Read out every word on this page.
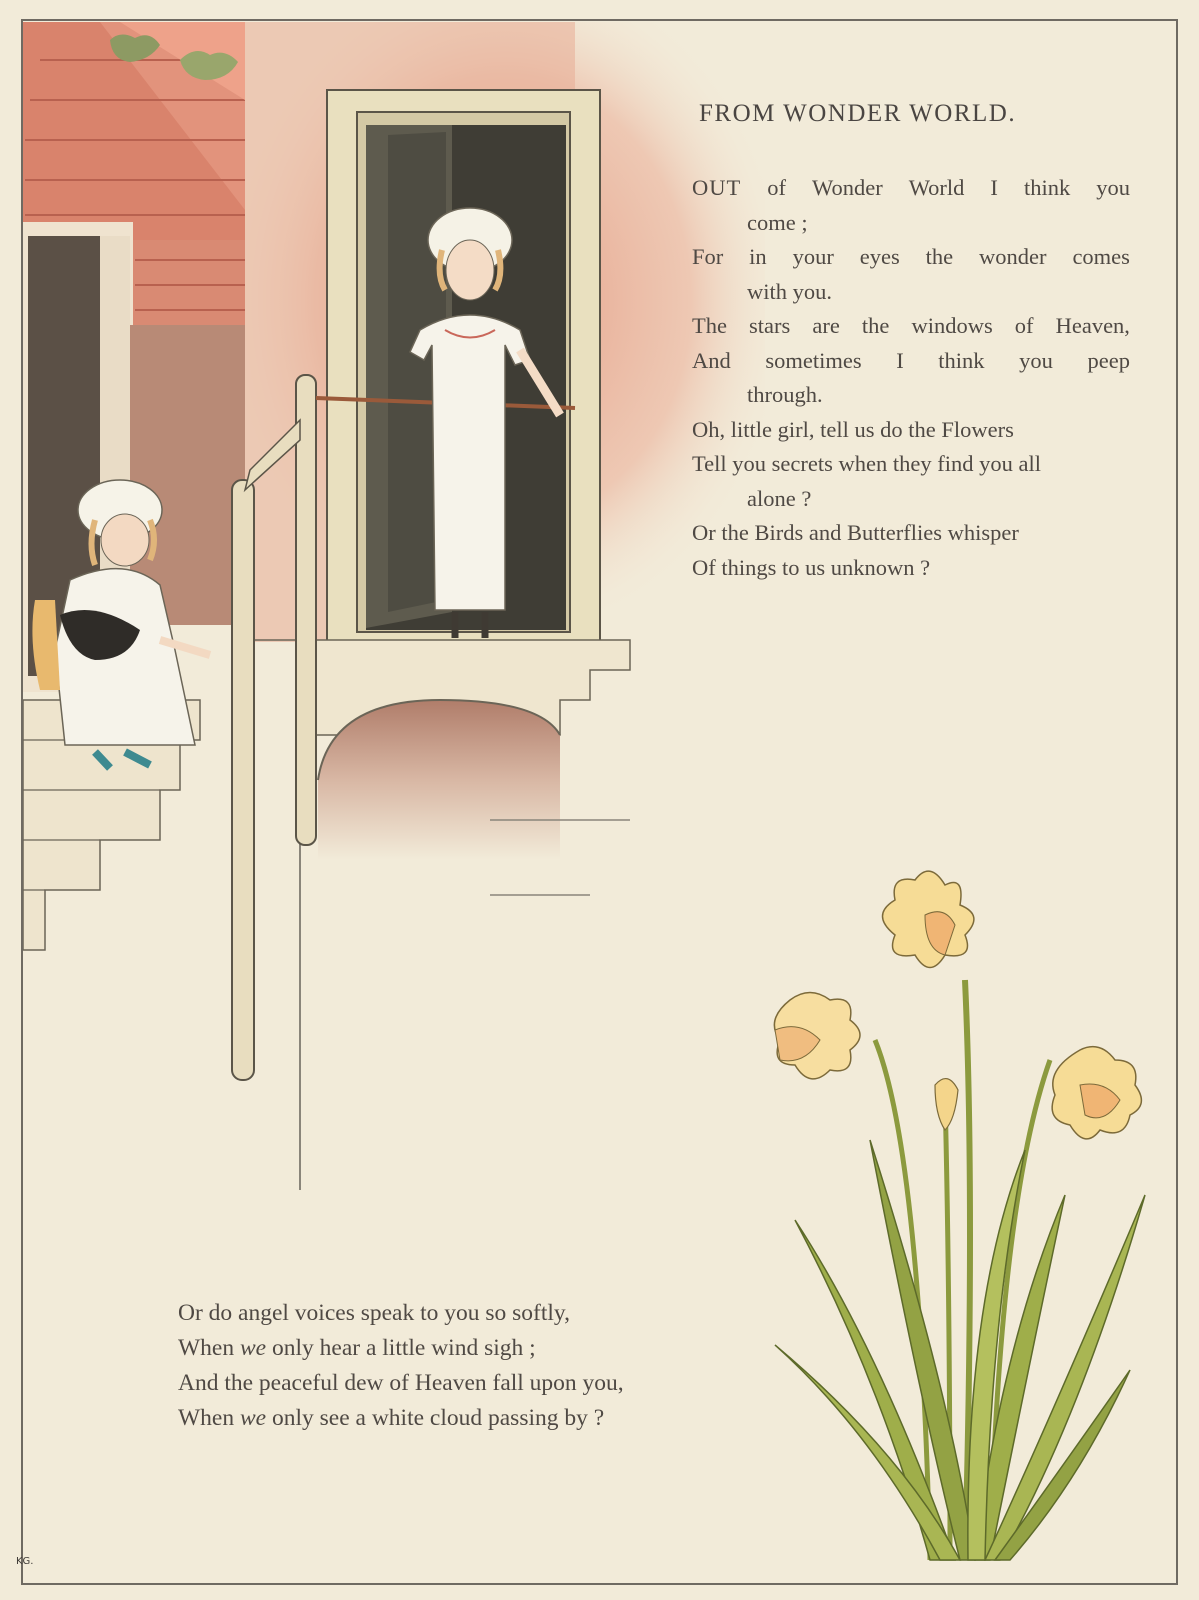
FROM WONDER WORLD.
OUT of Wonder World I think you
come ;
For in your eyes the wonder comes
with you.
The stars are the windows of Heaven,
And sometimes I think you peep
through.
Oh, little girl, tell us do the Flowers
Tell you secrets when they find you all
alone ?
Or the Birds and Butterflies whisper
Of things to us unknown ?
Or do angel voices speak to you so softly,
When we only hear a little wind sigh ;
And the peaceful dew of Heaven fall upon you,
When we only see a white cloud passing by ?
KG.
